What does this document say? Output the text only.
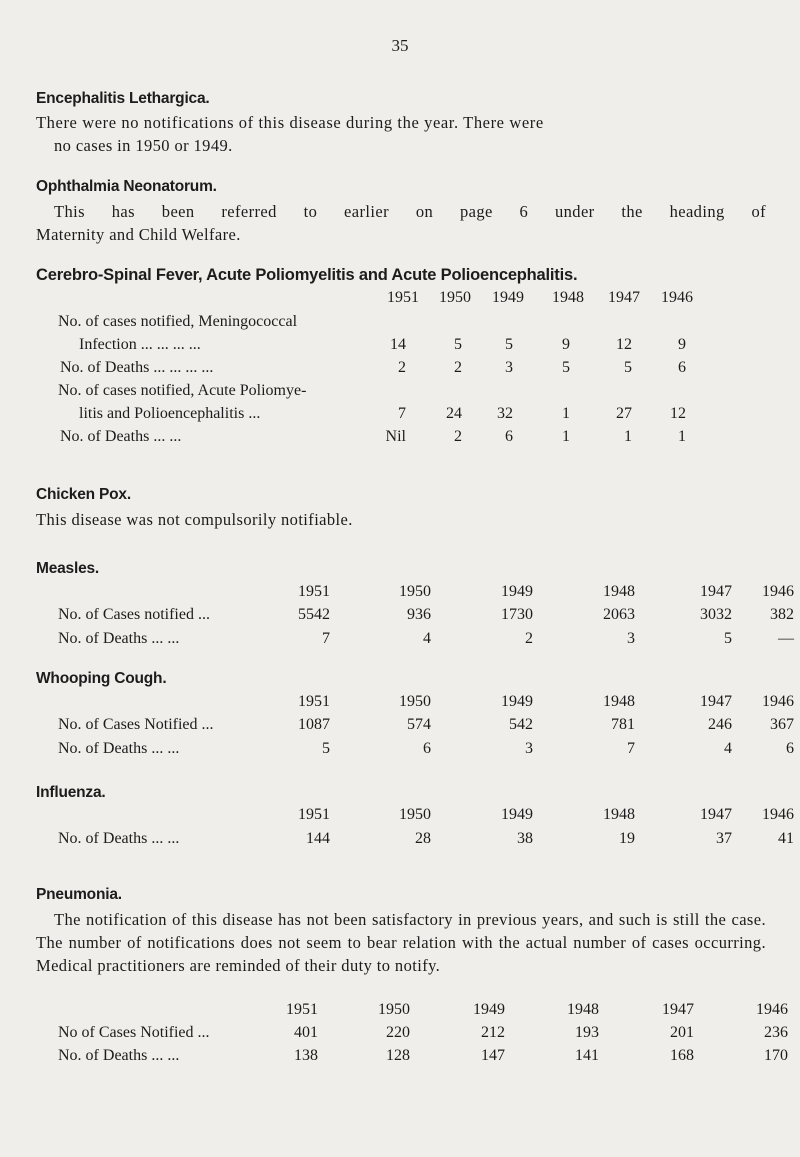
35
Encephalitis Lethargica.
There were no notifications of this disease during the year. There were
no cases in 1950 or 1949.
Ophthalmia Neonatorum.
This has been referred to earlier on page 6 under the heading of
Maternity and Child Welfare.
Cerebro-Spinal Fever, Acute Poliomyelitis and Acute Polioencephalitis.
1951	1950	1949	1948	1947	1946
No. of cases notified, Meningococcal
Infection ... ... ... ...	14	5	5	9	12	9
No. of Deaths ... ... ... ...	2	2	3	5	5	6
No. of cases notified, Acute Poliomye-
litis and Polioencephalitis ...	7	24	32	1	27	12
No. of Deaths ... ...	Nil	2	6	1	1	1
Chicken Pox.
This disease was not compulsorily notifiable.
Measles.
1951	1950	1949	1948	1947	1946
No. of Cases notified ...	5542	936	1730	2063	3032	382
No. of Deaths ... ...	7	4	2	3	5	—
Whooping Cough.
1951	1950	1949	1948	1947	1946
No. of Cases Notified ...	1087	574	542	781	246	367
No. of Deaths ... ...	5	6	3	7	4	6
Influenza.
1951	1950	1949	1948	1947	1946
No. of Deaths ... ...	144	28	38	19	37	41
Pneumonia.
The notification of this disease has not been satisfactory in previous years, and such is still the case. The number of notifications does not seem to bear relation with the actual number of cases occurring. Medical practitioners are reminded of their duty to notify.
1951	1950	1949	1948	1947	1946
No of Cases Notified ...	401	220	212	193	201	236
No. of Deaths ... ...	138	128	147	141	168	170
